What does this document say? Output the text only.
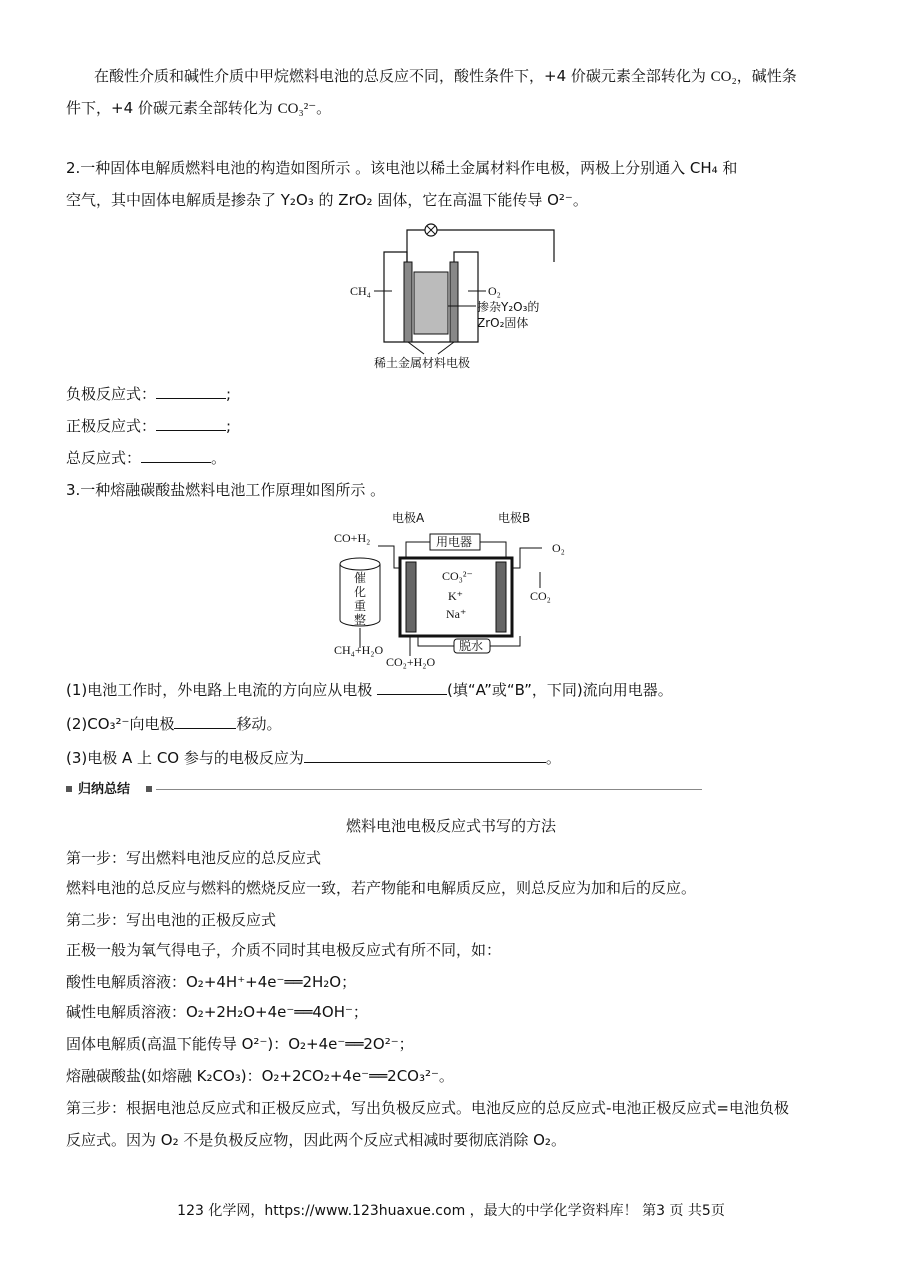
在酸性介质和碱性介质中甲烷燃料电池的总反应不同，酸性条件下，+4 价碳元素全部转化为 CO₂，碱性条
件下，+4 价碳元素全部转化为 CO₃²⁻。
2.一种固体电解质燃料电池的构造如图所示 。该电池以稀土金属材料作电极，两极上分别通入 CH₄ 和
空气，其中固体电解质是掺杂了 Y₂O₃ 的 ZrO₂ 固体，它在高温下能传导 O²⁻。
CH₄	O₂
掺杂Y₂O₃的
ZrO₂固体
稀土金属材料电极
负极反应式：	;
正极反应式：	;
总反应式：	。
3.一种熔融碳酸盐燃料电池工作原理如图所示 。
电极A	电极B
用电器
CO₃²⁻
K⁺
Na⁺
催
化
重
整
CO+H₂
CH₄+H₂O
CO₂+H₂O
脱水
O₂
CO₂
(1)电池工作时，外电路上电流的方向应从电极	(填“A”或“B”，下同)流向用电器。
(2)CO₃²⁻向电极	移动。
(3)电极 A 上 CO 参与的电极反应为	。
归纳总结
燃料电池电极反应式书写的方法
第一步：写出燃料电池反应的总反应式
燃料电池的总反应与燃料的燃烧反应一致，若产物能和电解质反应，则总反应为加和后的反应。
第二步：写出电池的正极反应式
正极一般为氧气得电子，介质不同时其电极反应式有所不同，如：
酸性电解质溶液：O₂+4H⁺+4e⁻══2H₂O；
碱性电解质溶液：O₂+2H₂O+4e⁻══4OH⁻；
固体电解质(高温下能传导 O²⁻)：O₂+4e⁻══2O²⁻；
熔融碳酸盐(如熔融 K₂CO₃)：O₂+2CO₂+4e⁻══2CO₃²⁻。
第三步：根据电池总反应式和正极反应式，写出负极反应式。电池反应的总反应式-电池正极反应式=电池负极
反应式。因为 O₂ 不是负极反应物，因此两个反应式相减时要彻底消除 O₂。
123 化学网，https://www.123huaxue.com ，最大的中学化学资料库！ 第3 页 共5页
